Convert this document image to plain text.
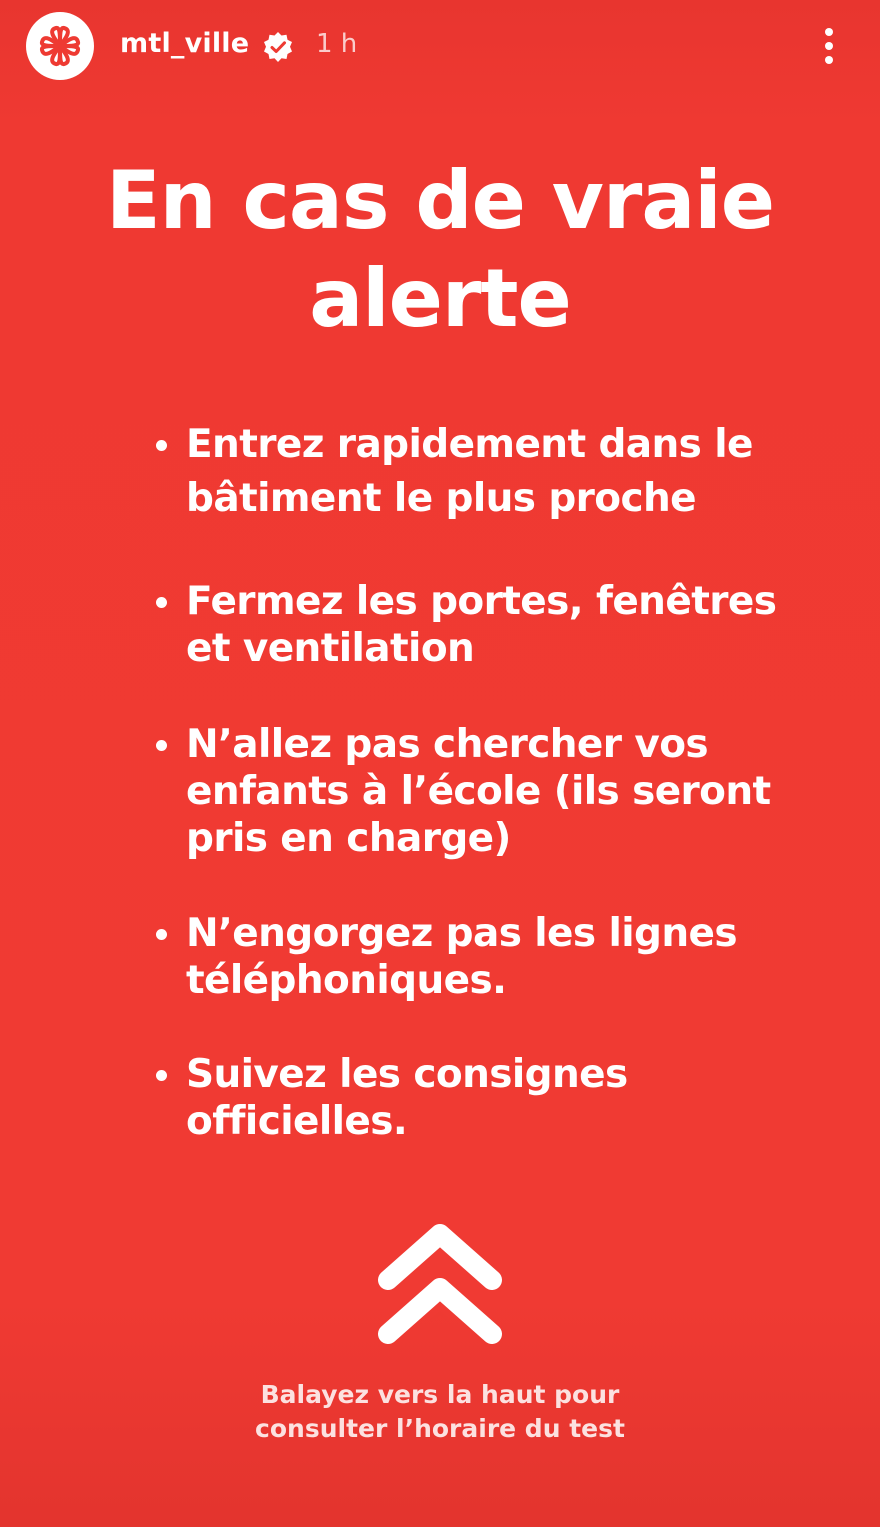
mtl_ville	1 h
En cas de vraie
alerte
Entrez rapidement dans le
bâtiment le plus proche
Fermez les portes, fenêtres
et ventilation
N’allez pas chercher vos
enfants à l’école (ils seront
pris en charge)
N’engorgez pas les lignes
téléphoniques.
Suivez les consignes
officielles.
Balayez vers la haut pour
consulter l’horaire du test
